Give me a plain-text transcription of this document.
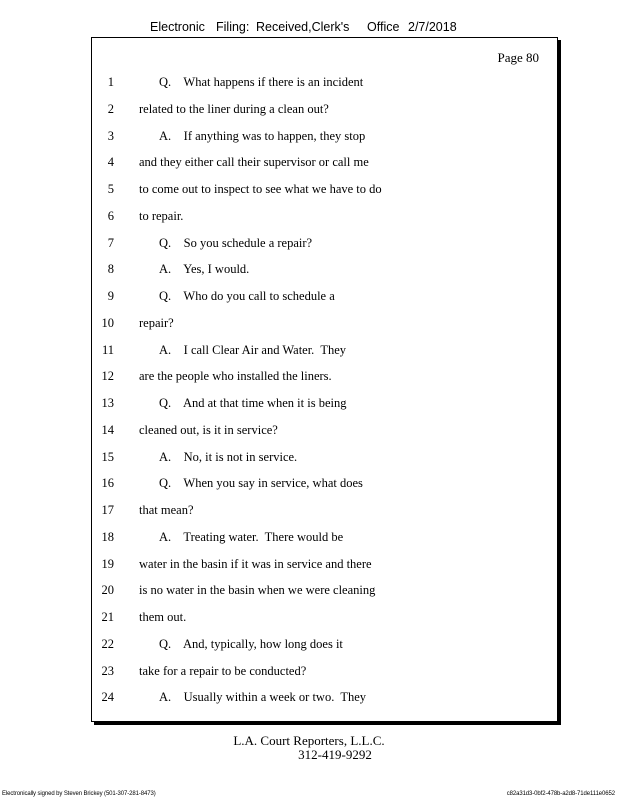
Electronic Filing: Received,Clerk's Office 2/7/2018
Page 80
1	Q.    What happens if there is an incident
2 related to the liner during a clean out?
3	A.    If anything was to happen, they stop
4 and they either call their supervisor or call me
5 to come out to inspect to see what we have to do
6 to repair.
7	Q.    So you schedule a repair?
8	A.    Yes, I would.
9	Q.    Who do you call to schedule a
10 repair?
11	A.    I call Clear Air and Water.  They
12 are the people who installed the liners.
13	Q.    And at that time when it is being
14 cleaned out, is it in service?
15	A.    No, it is not in service.
16	Q.    When you say in service, what does
17 that mean?
18	A.    Treating water.  There would be
19 water in the basin if it was in service and there
20 is no water in the basin when we were cleaning
21 them out.
22	Q.    And, typically, how long does it
23 take for a repair to be conducted?
24	A.    Usually within a week or two.  They
L.A. Court Reporters, L.L.C.
312-419-9292
Electronically signed by Steven Brickey (501-307-281-8473)	c82a31d3-0bf2-478b-a2d8-71de111e0652
